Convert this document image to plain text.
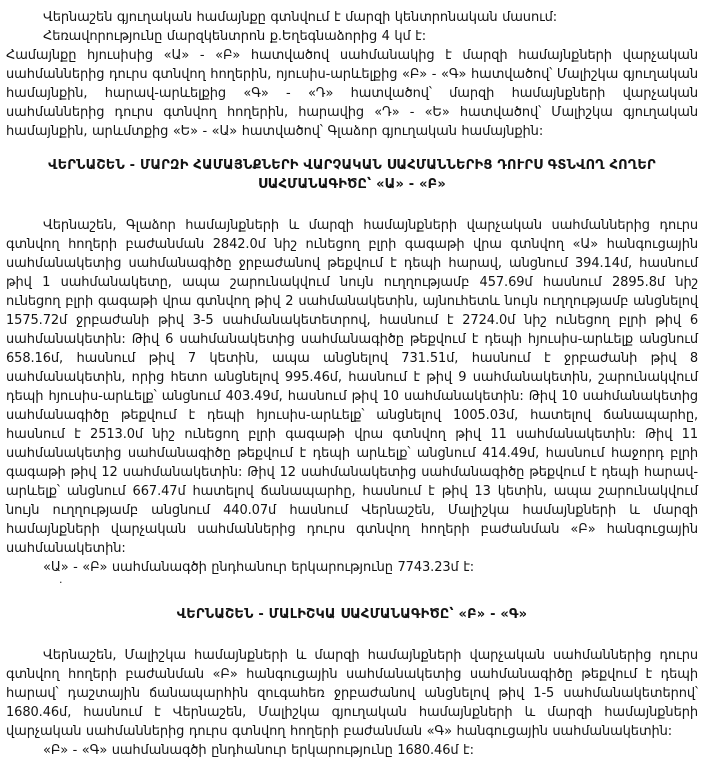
Վերնաշեն գյուղական համայնքը գտնվում է մարզի կենտրոնական մասում:

Հեռավորությունը մարզկենտրոն ք.Եղեգնաձորից 4 կմ է:

Համայնքը հյուսիսից «Ա» - «Բ» հատվածով սահմանակից է մարզի համայնքների վարչական սահմաններից դուրս գտնվող հողերին, ոյուսիս-արևելքից «Բ» - «Գ» հատվածով՝ Մալիշկա գյուղական համայնքին, հարավ-արևելքից «Գ» - «Դ» հատվածով՝ մարզի համայնքների վարչական սահմաններից դուրս գտնվող հողերին, հարավից «Դ» - «Ե» հատվածով՝ Մալիշկա գյուղական համայնքին, արևմտքից «Ե» - «Ա» հատվածով՝ Գլաձոր գյուղական համայնքին:

ՎԵՐՆԱՇԵՆ - ՄԱՐԶԻ ՀԱՄԱՅՆՔՆԵՐԻ ՎԱՐՉԱԿԱՆ ՍԱՀՄԱՆՆԵՐԻՑ ԴՈՒՐՍ ԳՏՆՎՈՂ ՀՈՂԵՐ
ՍԱՀՄԱՆԱԳԻԾԸ՝ «Ա» - «Բ»

Վերնաշեն, Գլաձոր համայնքների և մարզի համայնքների վարչական սահմաններից դուրս գտնվող հողերի բաժանման 2842.0մ նիշ ունեցող բլրի գագաթի վրա գտնվող «Ա» հանգուցային սահմանակետից սահմանագիծը ջրբաժանով թեքվում է դեպի հարավ, անցնում 394.14մ, հասնում թիվ 1 սահմանակետը, ապա շարունակվում նույն ուղղությամբ 457.69մ հասնում 2895.8մ նիշ ունեցող բլրի գագաթի վրա գտնվող թիվ 2 սահմանակետին, այնուհետև նույն ուղղությամբ անցնելով 1575.72մ ջրբաժանի թիվ 3-5 սահմանակետետրով, հասնում է 2724.0մ նիշ ունեցող բլրի թիվ 6 սահմանակետին: Թիվ 6 սահմանակետից սահմանագիծը թեքվում է դեպի հյուսիս-արևելք անցնում 658.16մ, հասնում թիվ 7 կետին, ապա անցնելով 731.51մ, հասնում է ջրբաժանի թիվ 8 սահմանակետին, որից հետո անցնելով 995.46մ, հասնում է թիվ 9 սահմանակետին, շարունակվում դեպի հյուսիս-արևելք՝ անցնում 403.49մ, հասնում թիվ 10 սահմանակետին: Թիվ 10 սահմանակետից սահմանագիծը թեքվում է դեպի հյուսիս-արևելք՝ անցնելով 1005.03մ, հատելով ճանապարհը, հասնում է 2513.0մ նիշ ունեցող բլրի գագաթի վրա գտնվող թիվ 11 սահմանակետին: Թիվ 11 սահմանակետից սահմանագիծը թեքվում է դեպի արևելք՝ անցնում 414.49մ, հասնում հաջորդ բլրի գագաթի թիվ 12 սահմանակետին: Թիվ 12 սահմանակետից սահմանագիծը թեքվում է դեպի հարավ-արևելք՝ անցնում 667.47մ հատելով ճանապարհը, հասնում է թիվ 13 կետին, ապա շարունակվում նույն ուղղությամբ անցնում 440.07մ հասնում Վերնաշեն, Մալիշկա համայնքների և մարզի համայնքների վարչական սահմաններից դուրս գտնվող հողերի բաժանման «Բ» հանգուցային սահմանակետին:

«Ա» - «Բ» սահմանագծի ընդհանուր երկարությունը 7743.23մ է:

·
ՎԵՐՆԱՇԵՆ - ՄԱԼԻՇԿԱ ՍԱՀՄԱՆԱԳԻԾԸ՝ «Բ» - «Գ»

Վերնաշեն, Մալիշկա համայնքների և մարզի համայնքների վարչական սահմաններից դուրս գտնվող հողերի բաժանման «Բ» հանգուցային սահմանակետից սահմանագիծը թեքվում է դեպի հարավ՝ դաշտային ճանապարհին զուգահեռ ջրբաժանով անցնելով թիվ 1-5 սահմանակետերով՝ 1680.46մ, հասնում է Վերնաշեն, Մալիշկա գյուղական համայնքների և մարզի համայնքների վարչական սահմաններից դուրս գտնվող հողերի բաժանման «Գ» հանգուցային սահմանակետին:

«Բ» - «Գ» սահմանագծի ընդհանուր երկարությունը 1680.46մ է:
